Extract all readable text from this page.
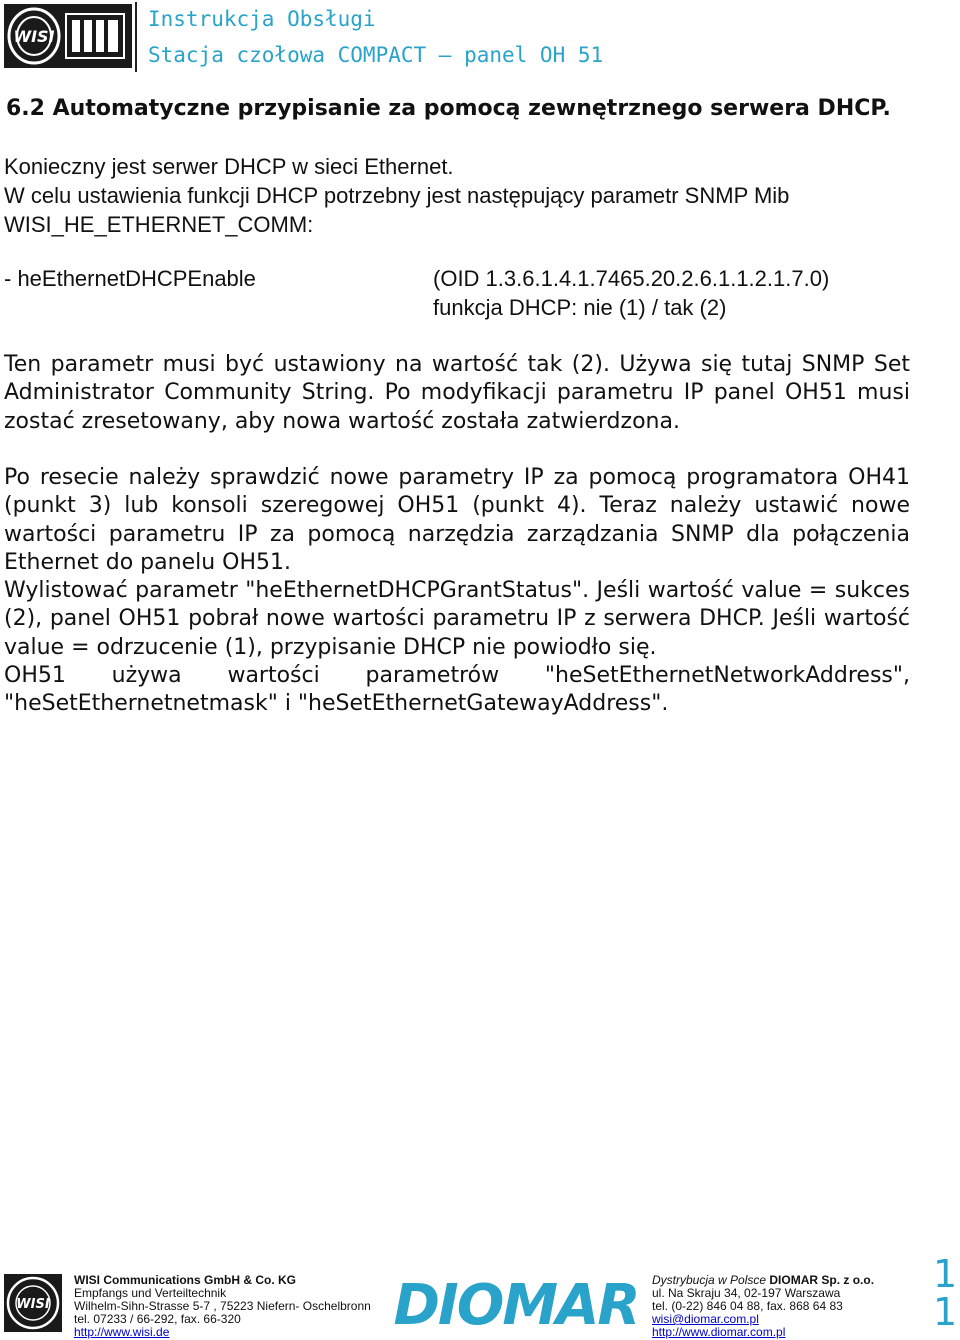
WISI
Instrukcja Obsługi
Stacja czołowa COMPACT – panel OH 51
6.2 Automatyczne przypisanie za pomocą zewnętrznego serwera DHCP.
Konieczny jest serwer DHCP w sieci Ethernet.
W celu ustawienia funkcji DHCP potrzebny jest następujący parametr SNMP Mib
WISI_HE_ETHERNET_COMM:
- heEthernetDHCPEnable	(OID 1.3.6.1.4.1.7465.20.2.6.1.1.2.1.7.0)
funkcja DHCP: nie (1) / tak (2)
Ten parametr musi być ustawiony na wartość tak (2). Używa się tutaj SNMP Set Administrator Community String. Po modyfikacji parametru IP panel OH51 musi zostać zresetowany, aby nowa wartość została zatwierdzona.
Po resecie należy sprawdzić nowe parametry IP za pomocą programatora OH41 (punkt 3) lub konsoli szeregowej OH51 (punkt 4). Teraz należy ustawić nowe wartości parametru IP za pomocą narzędzia zarządzania SNMP dla połączenia Ethernet do panelu OH51.
Wylistować parametr "heEthernetDHCPGrantStatus". Jeśli wartość value = sukces (2), panel OH51 pobrał nowe wartości parametru IP z serwera DHCP. Jeśli wartość value = odrzucenie (1), przypisanie DHCP nie powiodło się.
OH51 używa wartości parametrów "heSetEthernetNetworkAddress", "heSetEthernetnetmask" i "heSetEthernetGatewayAddress".
WISI
WISI Communications GmbH & Co. KG
Empfangs und Verteiltechnik
Wilhelm-Sihn-Strasse 5-7 , 75223 Niefern- Oschelbronn
tel. 07233 / 66-292, fax. 66-320
http://www.wisi.de	DIOMAR Dystrybucja w Polsce DIOMAR Sp. z o.o.
ul. Na Skraju 34, 02-197 Warszawa
tel. (0-22) 846 04 88, fax. 868 64 83
wisi@diomar.com.pl
http://www.diomar.com.pl
1
1
